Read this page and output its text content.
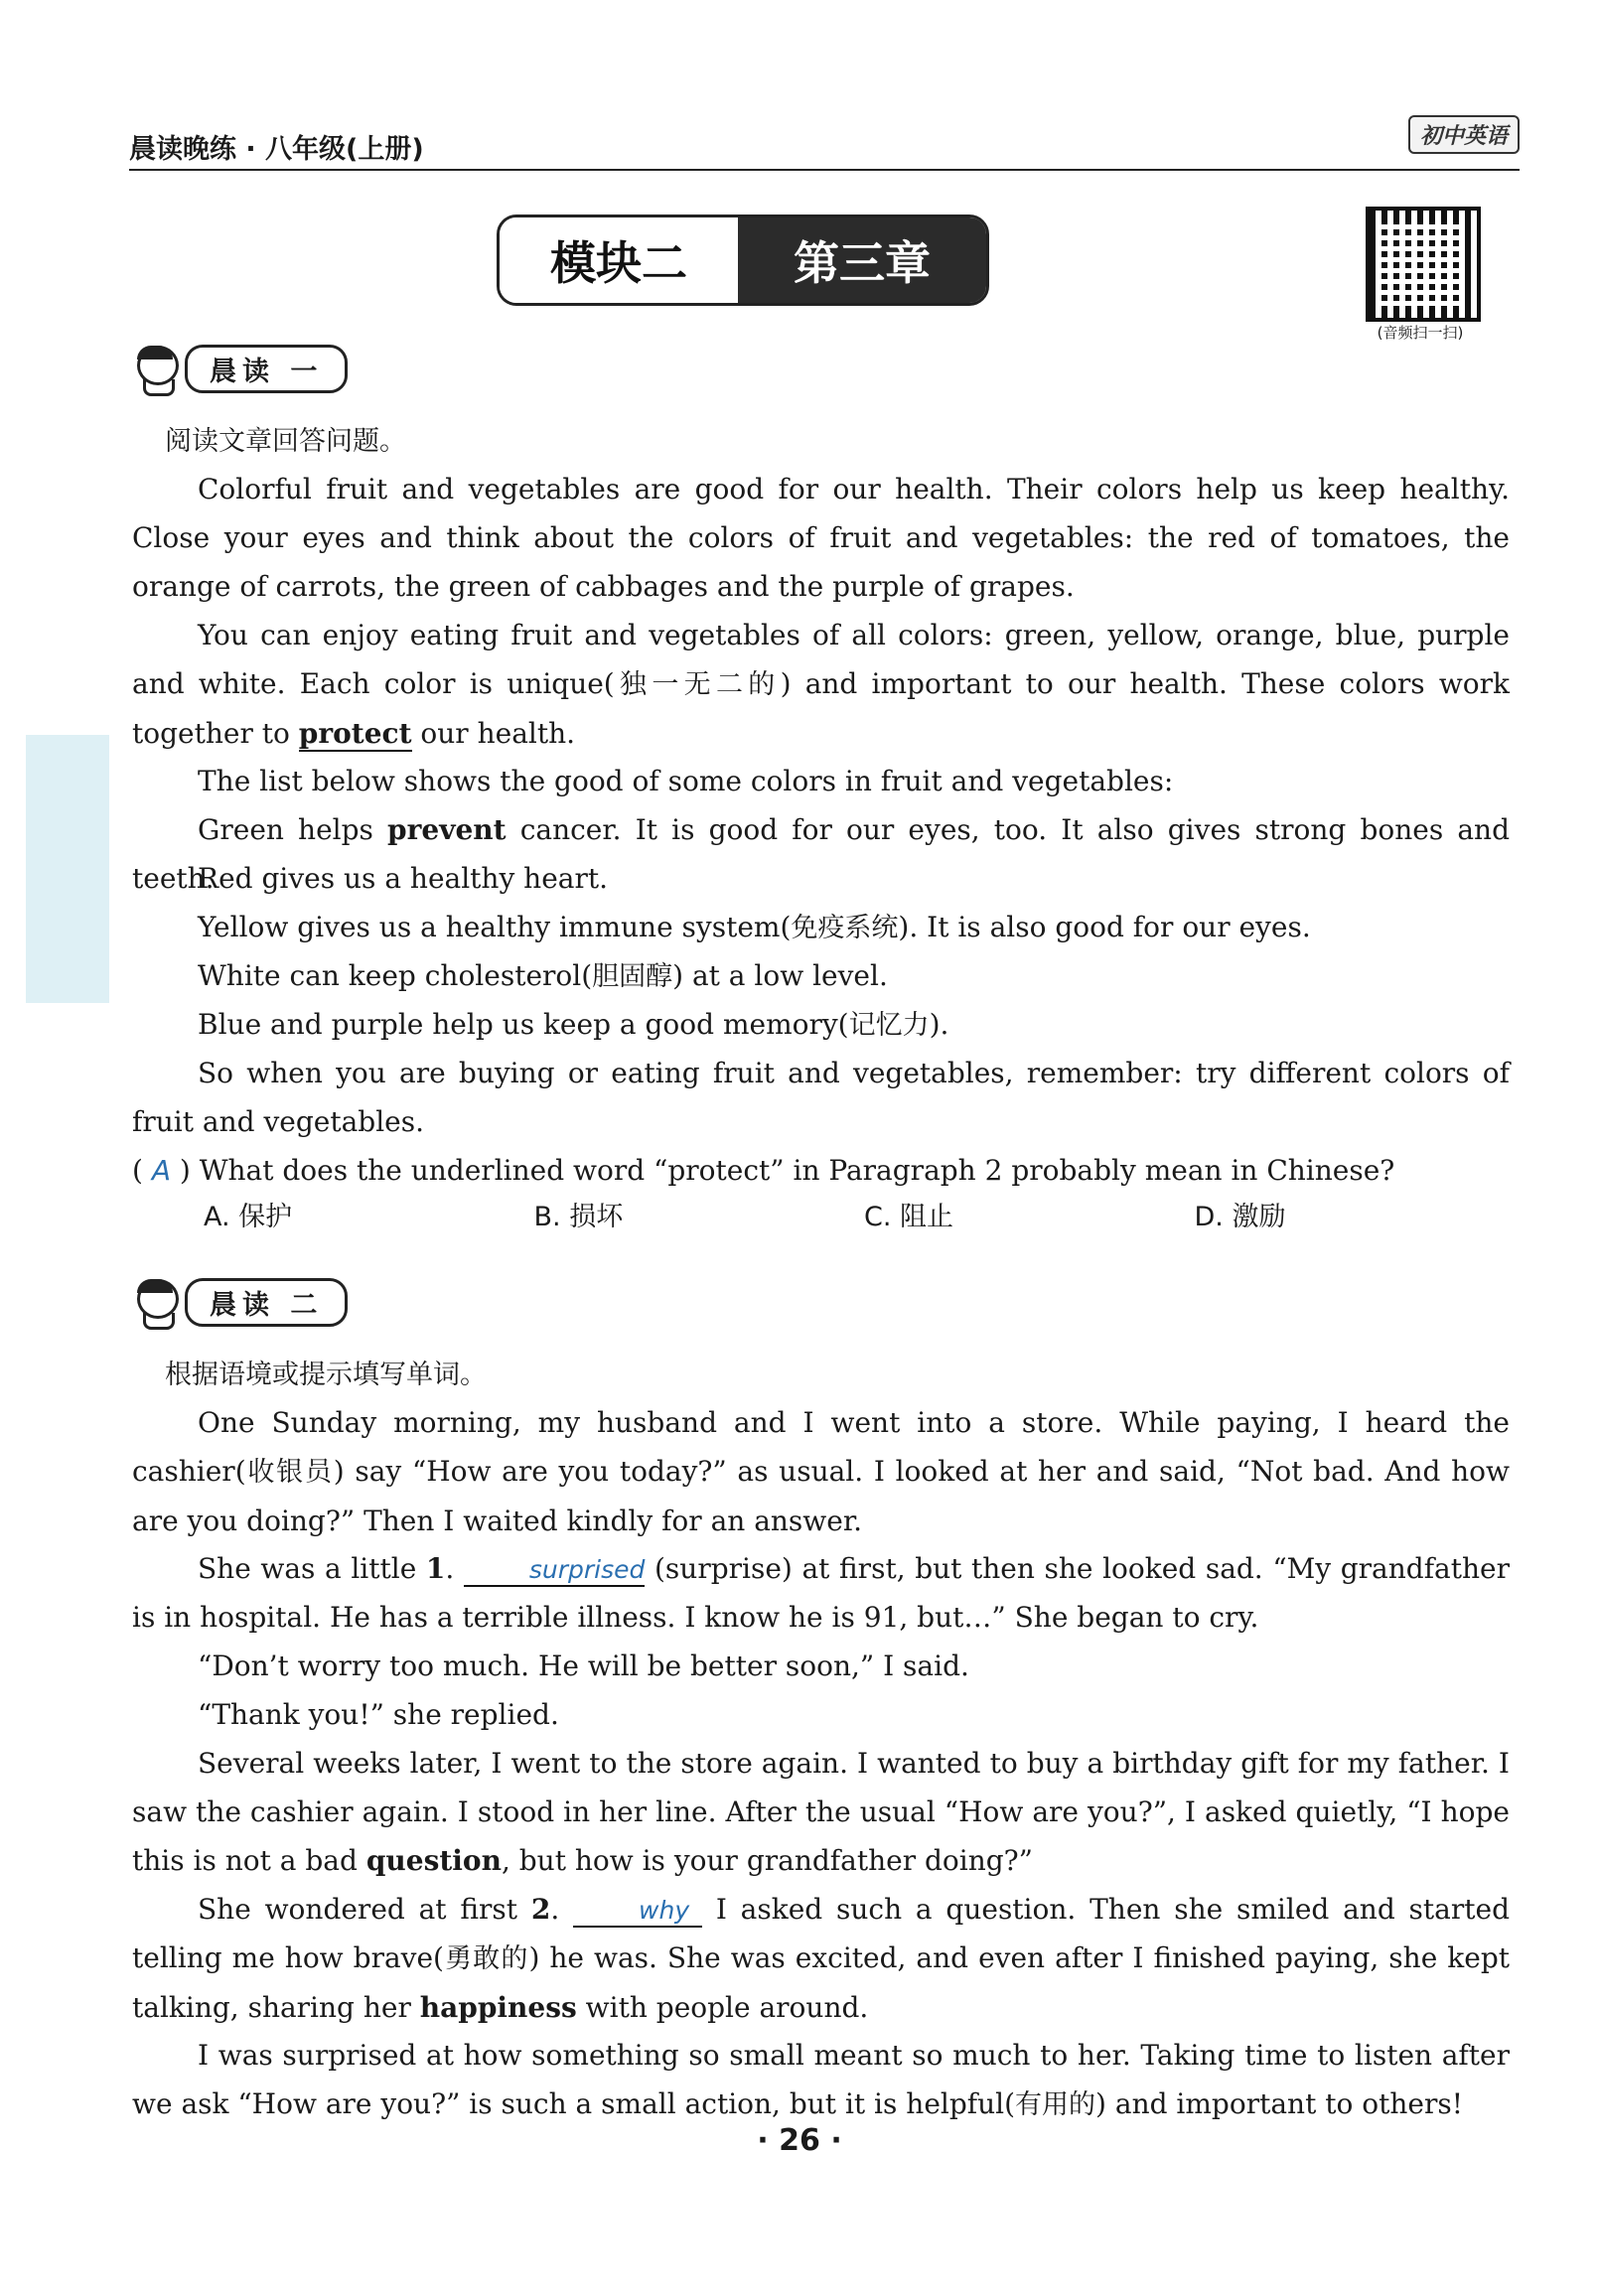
晨读晚练 · 八年级(上册)	初中英语
模块二	第三章
(音频扫一扫)
晨读 一

阅读文章回答问题。

Colorful fruit and vegetables are good for our health. Their colors help us keep healthy. Close your eyes and think about the colors of fruit and vegetables: the red of tomatoes, the orange of carrots, the green of cabbages and the purple of grapes.

You can enjoy eating fruit and vegetables of all colors: green, yellow, orange, blue, purple and white. Each color is unique(独一无二的) and important to our health. These colors work together to protect our health.

The list below shows the good of some colors in fruit and vegetables:

Green helps prevent cancer. It is good for our eyes, too. It also gives strong bones and teeth.

Red gives us a healthy heart.

Yellow gives us a healthy immune system(免疫系统). It is also good for our eyes.

White can keep cholesterol(胆固醇) at a low level.

Blue and purple help us keep a good memory(记忆力).

So when you are buying or eating fruit and vegetables, remember: try different colors of fruit and vegetables.

( A ) What does the underlined word “protect” in Paragraph 2 probably mean in Chinese?

A. 保护	B. 损坏	C. 阻止	D. 激励
晨读 二

根据语境或提示填写单词。

One Sunday morning, my husband and I went into a store. While paying, I heard the cashier(收银员) say “How are you today?” as usual. I looked at her and said, “Not bad. And how are you doing?” Then I waited kindly for an answer.

She was a little 1.	surprised (surprise) at first, but then she looked sad. “My grandfather is in hospital. He has a terrible illness. I know he is 91, but…” She began to cry.

“Don’t worry too much. He will be better soon,” I said.

“Thank you!” she replied.

Several weeks later, I went to the store again. I wanted to buy a birthday gift for my father. I saw the cashier again. I stood in her line. After the usual “How are you?”, I asked quietly, “I hope this is not a bad question, but how is your grandfather doing?”

She wondered at first 2.	why I asked such a question. Then she smiled and started telling me how brave(勇敢的) he was. She was excited, and even after I finished paying, she kept talking, sharing her happiness with people around.

I was surprised at how something so small meant so much to her. Taking time to listen after we ask “How are you?” is such a small action, but it is helpful(有用的) and important to others!

· 26 ·
